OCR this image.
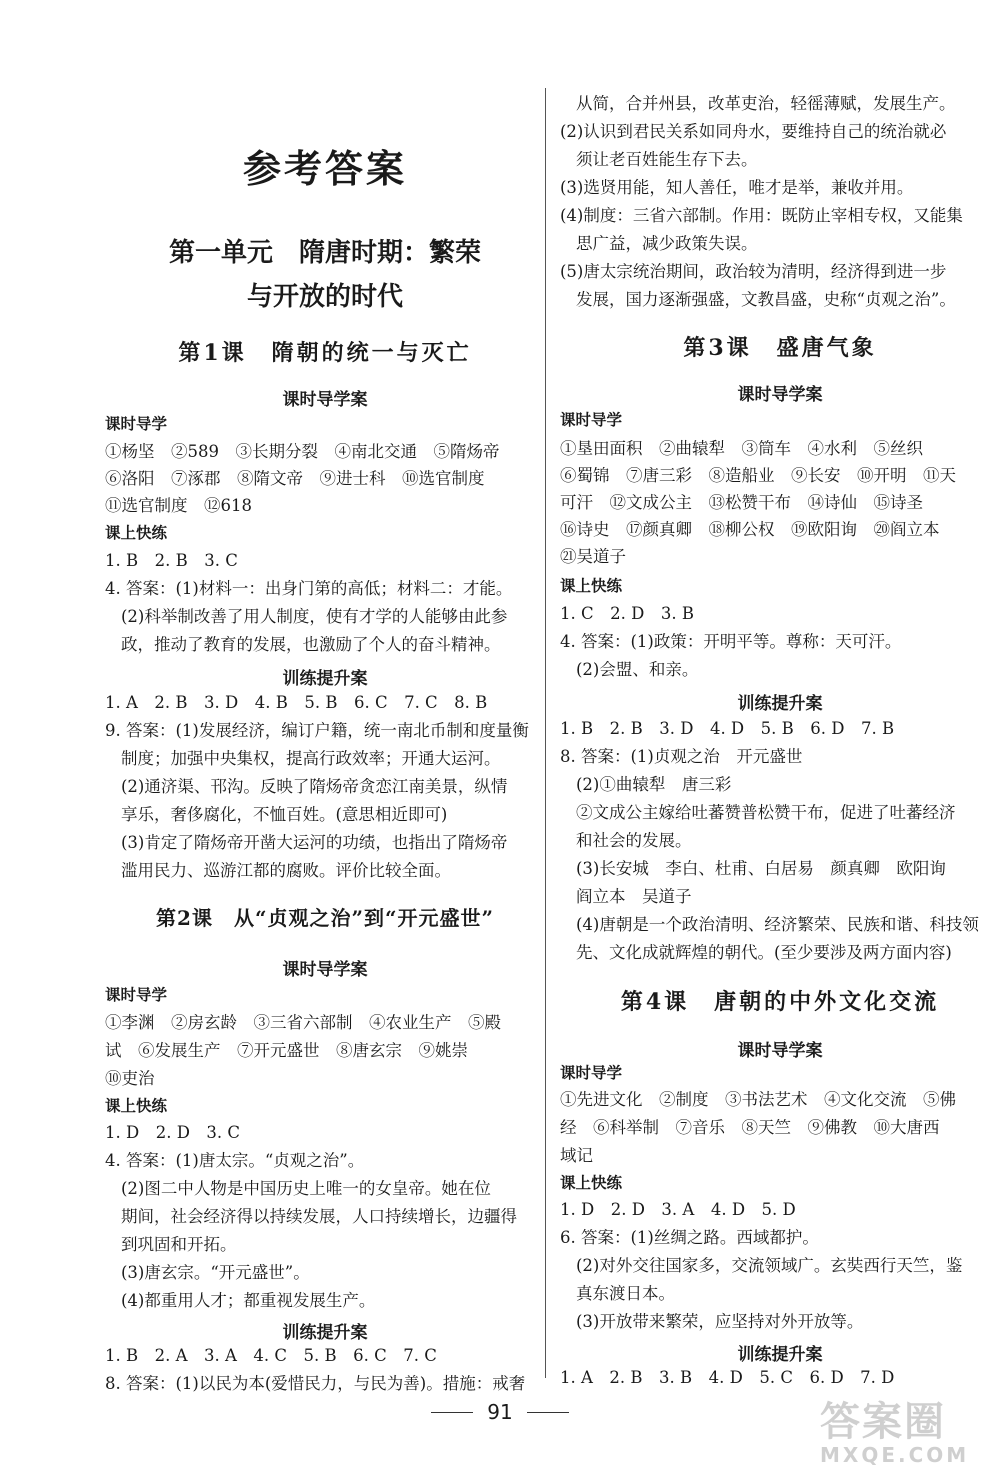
参考答案
第一单元　隋唐时期：繁荣
与开放的时代
第1课　隋朝的统一与灭亡
课时导学案
课时导学
①杨坚　②589　③长期分裂　④南北交通　⑤隋炀帝
⑥洛阳　⑦涿郡　⑧隋文帝　⑨进士科　⑩选官制度
⑪选官制度　⑫618
课上快练
1. B　2. B　3. C
4. 答案：(1)材料一：出身门第的高低；材料二：才能。
(2)科举制改善了用人制度，使有才学的人能够由此参
政，推动了教育的发展，也激励了个人的奋斗精神。
训练提升案
1. A　2. B　3. D　4. B　5. B　6. C　7. C　8. B
9. 答案：(1)发展经济，编订户籍，统一南北币制和度量衡
制度；加强中央集权，提高行政效率；开通大运河。
(2)通济渠、邗沟。反映了隋炀帝贪恋江南美景，纵情
享乐，奢侈腐化，不恤百姓。(意思相近即可)
(3)肯定了隋炀帝开凿大运河的功绩，也指出了隋炀帝
滥用民力、巡游江都的腐败。评价比较全面。
第2课　从“贞观之治”到“开元盛世”
课时导学案
课时导学
①李渊　②房玄龄　③三省六部制　④农业生产　⑤殿
试　⑥发展生产　⑦开元盛世　⑧唐玄宗　⑨姚崇
⑩吏治
课上快练
1. D　2. D　3. C
4. 答案：(1)唐太宗。“贞观之治”。
(2)图二中人物是中国历史上唯一的女皇帝。她在位
期间，社会经济得以持续发展，人口持续增长，边疆得
到巩固和开拓。
(3)唐玄宗。“开元盛世”。
(4)都重用人才；都重视发展生产。
训练提升案
1. B　2. A　3. A　4. C　5. B　6. C　7. C
8. 答案：(1)以民为本(爱惜民力，与民为善)。措施：戒奢
从简，合并州县，改革吏治，轻徭薄赋，发展生产。
(2)认识到君民关系如同舟水，要维持自己的统治就必
须让老百姓能生存下去。
(3)选贤用能，知人善任，唯才是举，兼收并用。
(4)制度：三省六部制。作用：既防止宰相专权，又能集
思广益，减少政策失误。
(5)唐太宗统治期间，政治较为清明，经济得到进一步
发展，国力逐渐强盛，文教昌盛，史称“贞观之治”。
第3课　盛唐气象
课时导学案
课时导学
①垦田面积　②曲辕犁　③筒车　④水利　⑤丝织
⑥蜀锦　⑦唐三彩　⑧造船业　⑨长安　⑩开明　⑪天
可汗　⑫文成公主　⑬松赞干布　⑭诗仙　⑮诗圣
⑯诗史　⑰颜真卿　⑱柳公权　⑲欧阳询　⑳阎立本
㉑吴道子
课上快练
1. C　2. D　3. B
4. 答案：(1)政策：开明平等。尊称：天可汗。
(2)会盟、和亲。
训练提升案
1. B　2. B　3. D　4. D　5. B　6. D　7. B
8. 答案：(1)贞观之治　开元盛世
(2)①曲辕犁　唐三彩
②文成公主嫁给吐蕃赞普松赞干布，促进了吐蕃经济
和社会的发展。
(3)长安城　李白、杜甫、白居易　颜真卿　欧阳询
阎立本　吴道子
(4)唐朝是一个政治清明、经济繁荣、民族和谐、科技领
先、文化成就辉煌的朝代。(至少要涉及两方面内容)
第4课　唐朝的中外文化交流
课时导学案
课时导学
①先进文化　②制度　③书法艺术　④文化交流　⑤佛
经　⑥科举制　⑦音乐　⑧天竺　⑨佛教　⑩大唐西
域记
课上快练
1. D　2. D　3. A　4. D　5. D
6. 答案：(1)丝绸之路。西域都护。
(2)对外交往国家多，交流领域广。玄奘西行天竺，鉴
真东渡日本。
(3)开放带来繁荣，应坚持对外开放等。
训练提升案
1. A　2. B　3. B　4. D　5. C　6. D　7. D
91	答案圈
MXQE.COM
